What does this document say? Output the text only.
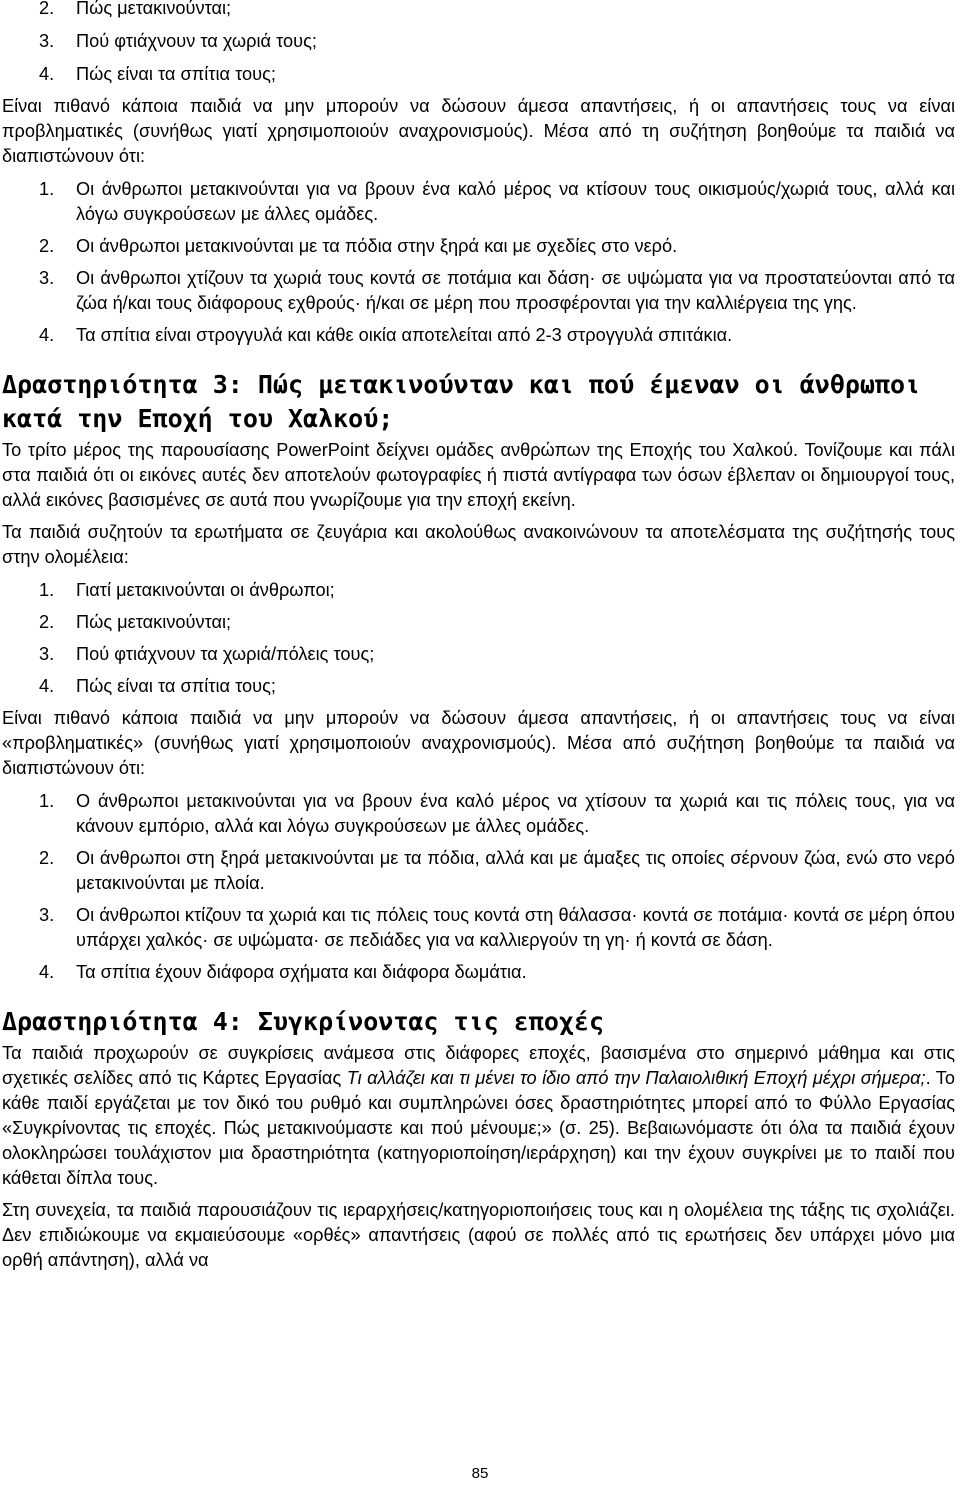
2.	Πώς μετακινούνται;
3.	Πού φτιάχνουν τα χωριά τους;
4.	Πώς είναι τα σπίτια τους;

Είναι πιθανό κάποια παιδιά να μην μπορούν να δώσουν άμεσα απαντήσεις, ή οι απαντήσεις τους να είναι προβληματικές (συνήθως γιατί χρησιμοποιούν αναχρονισμούς). Μέσα από τη συζήτηση βοηθούμε τα παιδιά να διαπιστώνουν ότι:

1.	Οι άνθρωποι μετακινούνται για να βρουν ένα καλό μέρος να κτίσουν τους οικισμούς/χωριά τους, αλλά και λόγω συγκρούσεων με άλλες ομάδες.
2.	Οι άνθρωποι μετακινούνται με τα πόδια στην ξηρά και με σχεδίες στο νερό.
3.	Οι άνθρωποι χτίζουν τα χωριά τους κοντά σε ποτάμια και δάση· σε υψώματα για να προστατεύονται από τα ζώα ή/και τους διάφορους εχθρούς· ή/και σε μέρη που προσφέρονται για την καλλιέργεια της γης.
4.	Τα σπίτια είναι στρογγυλά και κάθε οικία αποτελείται από 2-3 στρογγυλά σπιτάκια.
Δραστηριότητα 3: Πώς μετακινούνταν και πού έμεναν οι άνθρωποι κατά την Εποχή του Χαλκού;

Το τρίτο μέρος της παρουσίασης PowerPoint δείχνει ομάδες ανθρώπων της Εποχής του Χαλκού. Τονίζουμε και πάλι στα παιδιά ότι οι εικόνες αυτές δεν αποτελούν φωτογραφίες ή πιστά αντίγραφα των όσων έβλεπαν οι δημιουργοί τους, αλλά εικόνες βασισμένες σε αυτά που γνωρίζουμε για την εποχή εκείνη.

Τα παιδιά συζητούν τα ερωτήματα σε ζευγάρια και ακολούθως ανακοινώνουν τα αποτελέσματα της συζήτησής τους στην ολομέλεια:

1.	Γιατί μετακινούνται οι άνθρωποι;
2.	Πώς μετακινούνται;
3.	Πού φτιάχνουν τα χωριά/πόλεις τους;
4.	Πώς είναι τα σπίτια τους;

Είναι πιθανό κάποια παιδιά να μην μπορούν να δώσουν άμεσα απαντήσεις, ή οι απαντήσεις τους να είναι «προβληματικές» (συνήθως γιατί χρησιμοποιούν αναχρονισμούς). Μέσα από συζήτηση βοηθούμε τα παιδιά να διαπιστώνουν ότι:

1.	Ο άνθρωποι μετακινούνται για να βρουν ένα καλό μέρος να χτίσουν τα χωριά και τις πόλεις τους, για να κάνουν εμπόριο, αλλά και λόγω συγκρούσεων με άλλες ομάδες.
2.	Οι άνθρωποι στη ξηρά μετακινούνται με τα πόδια, αλλά και με άμαξες τις οποίες σέρνουν ζώα, ενώ στο νερό μετακινούνται με πλοία.
3.	Οι άνθρωποι κτίζουν τα χωριά και τις πόλεις τους κοντά στη θάλασσα· κοντά σε ποτάμια· κοντά σε μέρη όπου υπάρχει χαλκός· σε υψώματα· σε πεδιάδες για να καλλιεργούν τη γη· ή κοντά σε δάση.
4.	Τα σπίτια έχουν διάφορα σχήματα και διάφορα δωμάτια.
Δραστηριότητα 4: Συγκρίνοντας τις εποχές

Τα παιδιά προχωρούν σε συγκρίσεις ανάμεσα στις διάφορες εποχές, βασισμένα στο σημερινό μάθημα και στις σχετικές σελίδες από τις Κάρτες Εργασίας Τι αλλάζει και τι μένει το ίδιο από την Παλαιολιθική Εποχή μέχρι σήμερα;. Το κάθε παιδί εργάζεται με τον δικό του ρυθμό και συμπληρώνει όσες δραστηριότητες μπορεί από το Φύλλο Εργασίας «Συγκρίνοντας τις εποχές. Πώς μετακινούμαστε και πού μένουμε;» (σ. 25). Βεβαιωνόμαστε ότι όλα τα παιδιά έχουν ολοκληρώσει τουλάχιστον μια δραστηριότητα (κατηγοριοποίηση/ιεράρχηση) και την έχουν συγκρίνει με το παιδί που κάθεται δίπλα τους.

Στη συνεχεία, τα παιδιά παρουσιάζουν τις ιεραρχήσεις/κατηγοριοποιήσεις τους και η ολομέλεια της τάξης τις σχολιάζει. Δεν επιδιώκουμε να εκμαιεύσουμε «ορθές» απαντήσεις (αφού σε πολλές από τις ερωτήσεις δεν υπάρχει μόνο μια ορθή απάντηση), αλλά να

85
